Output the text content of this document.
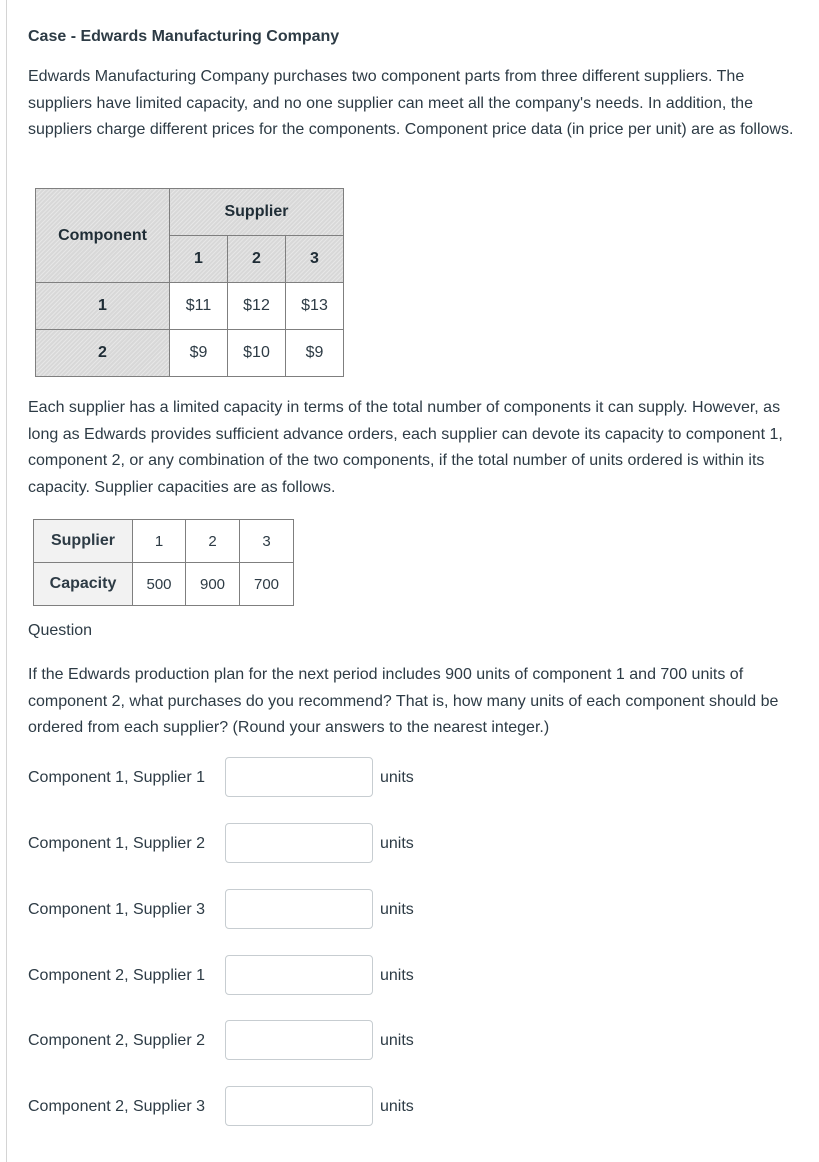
Case - Edwards Manufacturing Company

Edwards Manufacturing Company purchases two component parts from three different suppliers. The suppliers have limited capacity, and no one supplier can meet all the company's needs. In addition, the suppliers charge different prices for the components. Component price data (in price per unit) are as follows.

Component	Supplier		
	1	2	3
1	$11	$12	$13
2	$9	$10	$9

Each supplier has a limited capacity in terms of the total number of components it can supply. However, as long as Edwards provides sufficient advance orders, each supplier can devote its capacity to component 1, component 2, or any combination of the two components, if the total number of units ordered is within its capacity. Supplier capacities are as follows.

Supplier	1	2	3
Capacity	500	900	700
Question

If the Edwards production plan for the next period includes 900 units of component 1 and 700 units of component 2, what purchases do you recommend? That is, how many units of each component should be ordered from each supplier? (Round your answers to the nearest integer.)

Component 1, Supplier 1	units
Component 1, Supplier 2	units
Component 1, Supplier 3	units
Component 2, Supplier 1	units
Component 2, Supplier 2	units
Component 2, Supplier 3	units
